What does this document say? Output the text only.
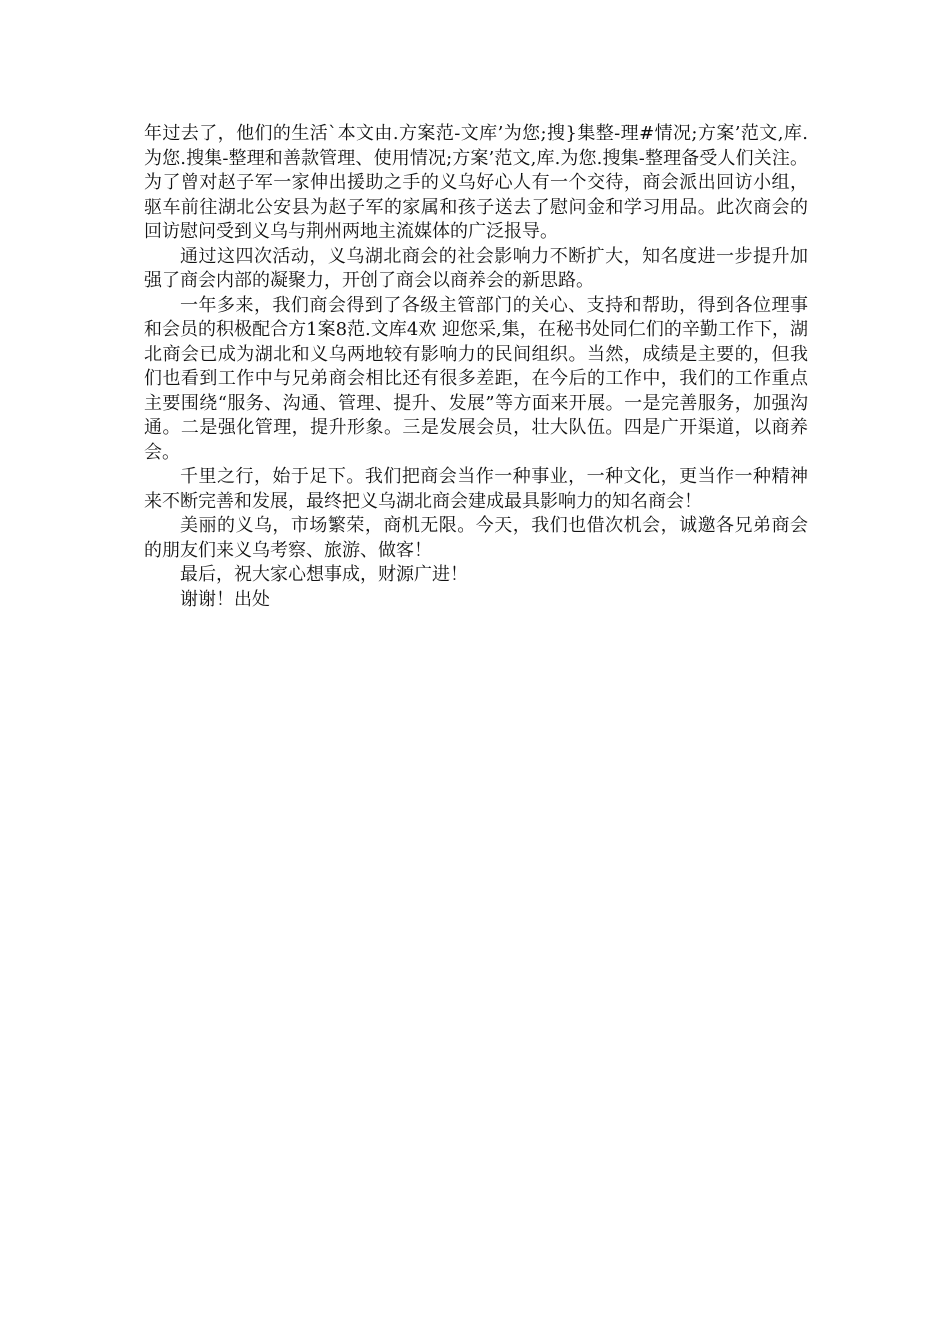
年过去了，他们的生活`本文由.方案范-文库’为您;搜}集整-理#情况;方案’范文,库.为您.搜集-整理和善款管理、使用情况;方案’范文,库.为您.搜集-整理备受人们关注。为了曾对赵子军一家伸出援助之手的义乌好心人有一个交待，商会派出回访小组，驱车前往湖北公安县为赵子军的家属和孩子送去了慰问金和学习用品。此次商会的回访慰问受到义乌与荆州两地主流媒体的广泛报导。

通过这四次活动，义乌湖北商会的社会影响力不断扩大，知名度进一步提升加强了商会内部的凝聚力，开创了商会以商养会的新思路。

一年多来，我们商会得到了各级主管部门的关心、支持和帮助，得到各位理事和会员的积极配合方1案8范.文库4欢 迎您采,集，在秘书处同仁们的辛勤工作下，湖北商会已成为湖北和义乌两地较有影响力的民间组织。当然，成绩是主要的，但我们也看到工作中与兄弟商会相比还有很多差距，在今后的工作中，我们的工作重点主要围绕“服务、沟通、管理、提升、发展”等方面来开展。一是完善服务，加强沟通。二是强化管理，提升形象。三是发展会员，壮大队伍。四是广开渠道，以商养会。

千里之行，始于足下。我们把商会当作一种事业，一种文化，更当作一种精神来不断完善和发展，最终把义乌湖北商会建成最具影响力的知名商会！

美丽的义乌，市场繁荣，商机无限。今天，我们也借次机会，诚邀各兄弟商会的朋友们来义乌考察、旅游、做客！

最后，祝大家心想事成，财源广进！

谢谢！出处
